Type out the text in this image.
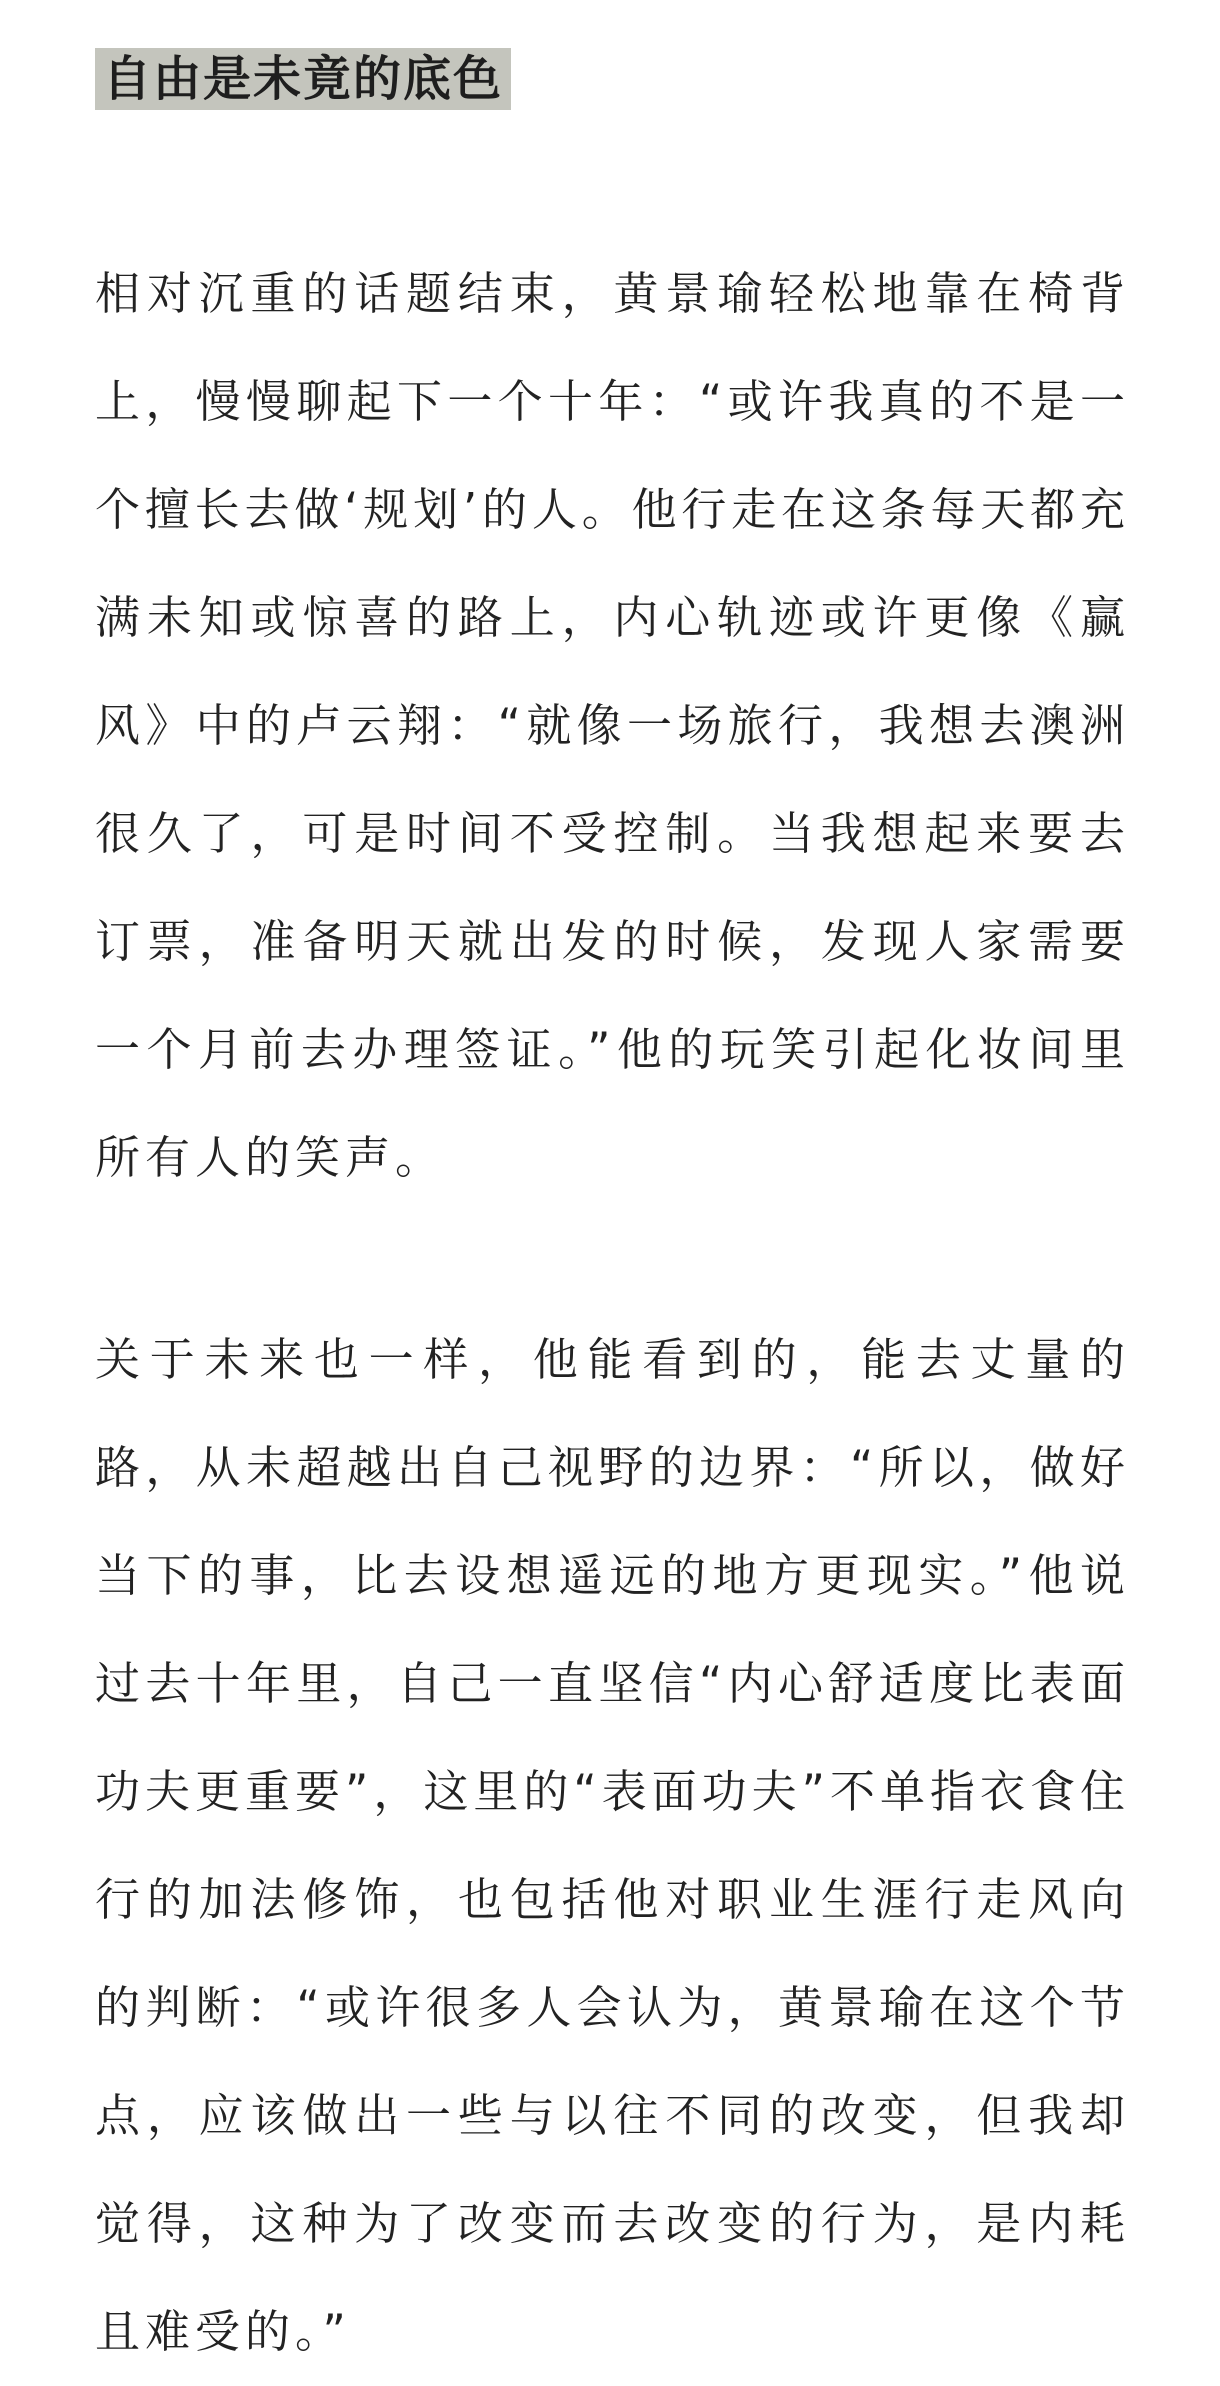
自由是未竟的底色
相对沉重的话题结束，黄景瑜轻松地靠在椅背
上，慢慢聊起下一个十年：“或许我真的不是一
个擅长去做‘规划’的人。他行走在这条每天都充
满未知或惊喜的路上，内心轨迹或许更像《赢
风》中的卢云翔：“就像一场旅行，我想去澳洲
很久了，可是时间不受控制。当我想起来要去
订票，准备明天就出发的时候，发现人家需要
一个月前去办理签证。”他的玩笑引起化妆间里
所有人的笑声。
关于未来也一样，他能看到的，能去丈量的
路，从未超越出自己视野的边界：“所以，做好
当下的事，比去设想遥远的地方更现实。”他说
过去十年里，自己一直坚信“内心舒适度比表面
功夫更重要”，这里的“表面功夫”不单指衣食住
行的加法修饰，也包括他对职业生涯行走风向
的判断：“或许很多人会认为，黄景瑜在这个节
点，应该做出一些与以往不同的改变，但我却
觉得，这种为了改变而去改变的行为，是内耗
且难受的。”
